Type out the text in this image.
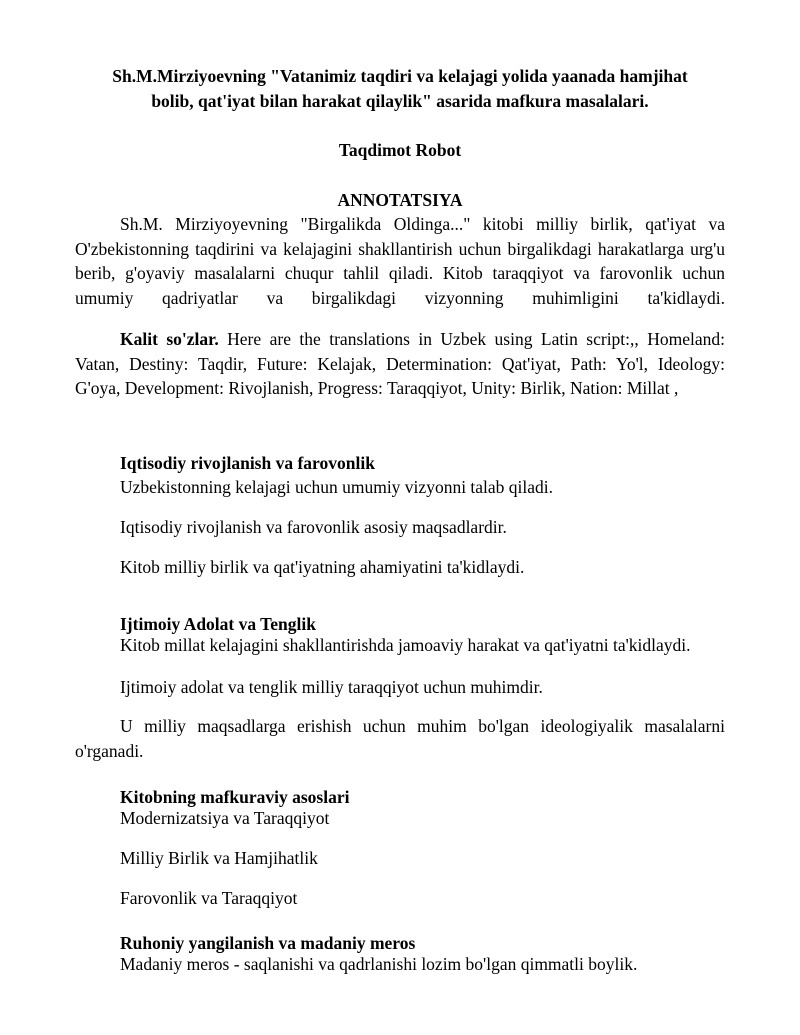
Sh.M.Mirziyoevning "Vatanimiz taqdiri va kelajagi yolida yaanada hamjihat
bolib, qat'iyat bilan harakat qilaylik" asarida mafkura masalalari.
Taqdimot Robot
ANNOTATSIYA
Sh.M. Mirziyoyevning "Birgalikda Oldinga..." kitobi milliy birlik, qat'iyat va O'zbekistonning taqdirini va kelajagini shakllantirish uchun birgalikdagi harakatlarga urg'u berib, g'oyaviy masalalarni chuqur tahlil qiladi. Kitob taraqqiyot va farovonlik uchun umumiy qadriyatlar va birgalikdagi vizyonning muhimligini ta'kidlaydi.
Kalit so'zlar. Here are the translations in Uzbek using Latin script:,, Homeland: Vatan, Destiny: Taqdir, Future: Kelajak, Determination: Qat'iyat, Path: Yo'l, Ideology: G'oya, Development: Rivojlanish, Progress: Taraqqiyot, Unity: Birlik, Nation: Millat ,
Iqtisodiy rivojlanish va farovonlik
Uzbekistonning kelajagi uchun umumiy vizyonni talab qiladi.
Iqtisodiy rivojlanish va farovonlik asosiy maqsadlardir.
Kitob milliy birlik va qat'iyatning ahamiyatini ta'kidlaydi.
Ijtimoiy Adolat va Tenglik
Kitob millat kelajagini shakllantirishda jamoaviy harakat va qat'iyatni ta'kidlaydi.
Ijtimoiy adolat va tenglik milliy taraqqiyot uchun muhimdir.
U milliy maqsadlarga erishish uchun muhim bo'lgan ideologiyalik masalalarni o'rganadi.
Kitobning mafkuraviy asoslari
Modernizatsiya va Taraqqiyot
Milliy Birlik va Hamjihatlik
Farovonlik va Taraqqiyot
Ruhoniy yangilanish va madaniy meros
Madaniy meros - saqlanishi va qadrlanishi lozim bo'lgan qimmatli boylik.
